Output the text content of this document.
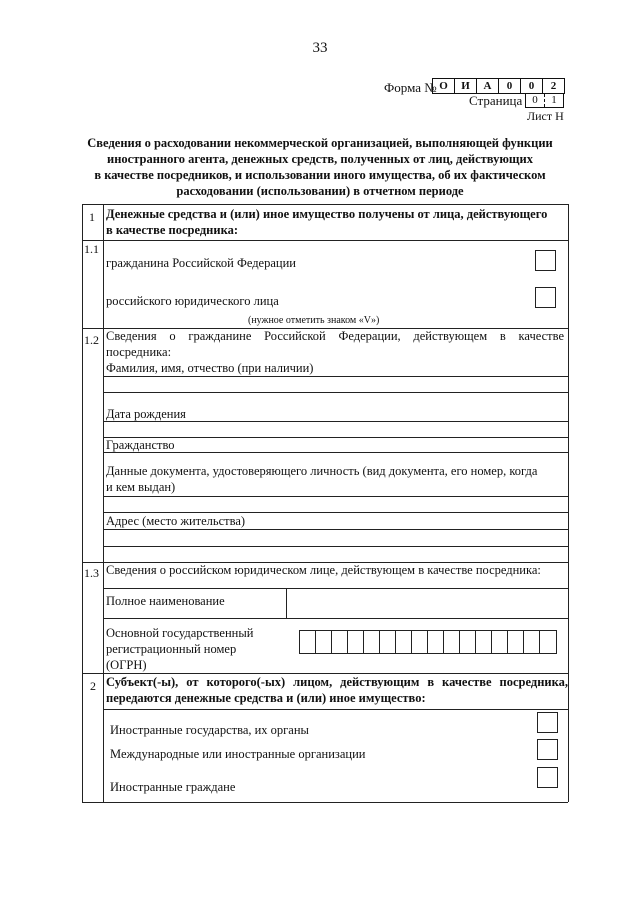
33
Форма № О	И	А	0	0	2
Страница 0	1
Лист Н
Сведения о расходовании некоммерческой организацией, выполняющей функции
иностранного агента, денежных средств, полученных от лиц, действующих
в качестве посредников, и использовании иного имущества, об их фактическом
расходовании (использовании) в отчетном периоде
1 Денежные средства и (или) иное имущество получены от лица, действующего
в качестве посредника:
1.1
гражданина Российской Федерации
российского юридического лица
(нужное отметить знаком «V»)
1.2 Сведения о гражданине Российской Федерации, действующем в качестве
посредника:
Фамилия, имя, отчество (при наличии)
Дата рождения
Гражданство
Данные документа, удостоверяющего личность (вид документа, его номер, когда
и кем выдан)
Адрес (место жительства)
1.3 Сведения о российском юридическом лице, действующем в качестве посредника:
Полное наименование
Основной государственный
регистрационный номер
(ОГРН)
2 Субъект(-ы), от которого(-ых) лицом, действующим в качестве посредника,
передаются денежные средства и (или) иное имущество:
Иностранные государства, их органы
Международные или иностранные организации
Иностранные граждане
